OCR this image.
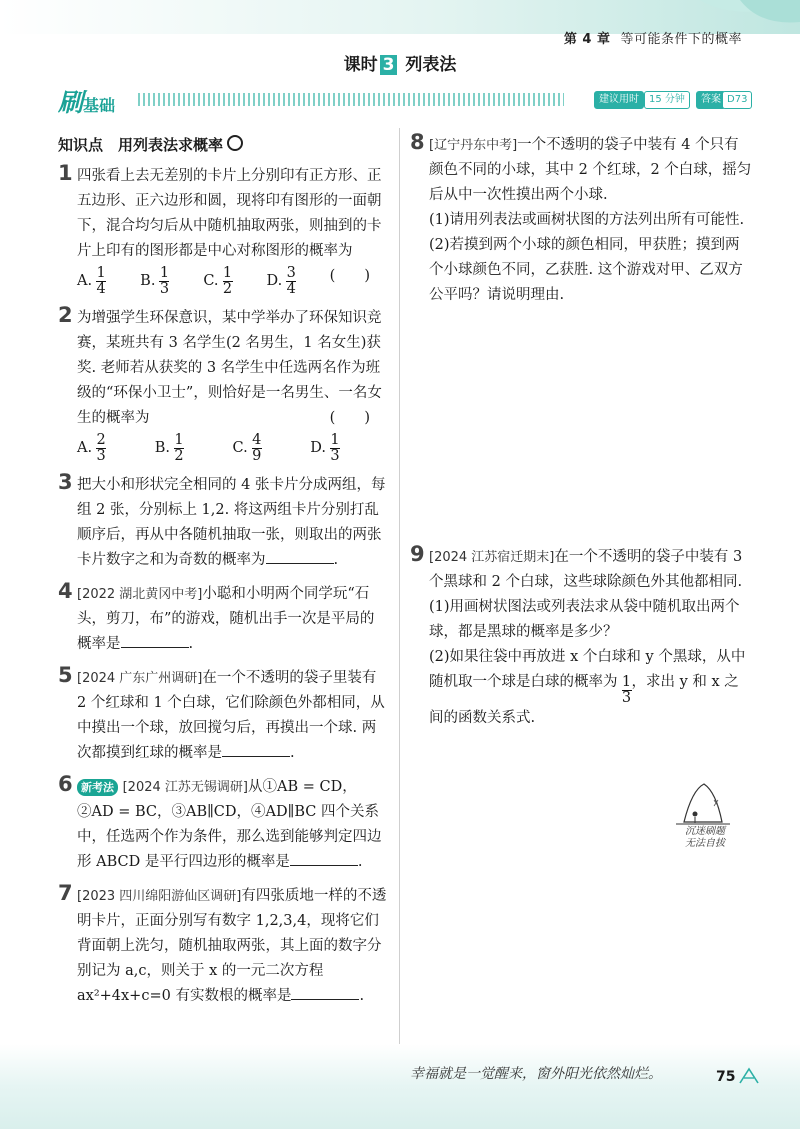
第 4 章 等可能条件下的概率
课时 3 列表法
刷基础	建议用时	15 分钟	答案 D73
知识点　用列表法求概率
1 四张看上去无差别的卡片上分别印有正方形、正五边形、正六边形和圆，现将印有图形的一面朝下，混合均匀后从中随机抽取两张，则抽到的卡片上印有的图形都是中心对称图形的概率为
(　　)
A. $\frac{1}{4} B$. $\frac{1}{3} C$. $\frac{1}{2} D$. $\frac{3}{4}$
2 为增强学生环保意识，某中学举办了环保知识竞赛，某班共有 3 名学生(2 名男生，1 名女生)获奖. 老师若从获奖的 3 名学生中任选两名作为班级的“环保小卫士”，则恰好是一名男生、一名女生的概率为	(　　)
A. $\frac{2}{3}$	B. $\frac{1}{2}$	C. $\frac{4}{9}$	D. $\frac{1}{3}$
3 把大小和形状完全相同的 4 张卡片分成两组，每组 2 张，分别标上 1,2. 将这两组卡片分别打乱顺序后，再从中各随机抽取一张，则取出的两张卡片数字之和为奇数的概率为	.
4 [2022 湖北黄冈中考]小聪和小明两个同学玩“石头，剪刀，布”的游戏，随机出手一次是平局的概率是	.
5 [2024 广东广州调研]在一个不透明的袋子里装有 2 个红球和 1 个白球，它们除颜色外都相同，从中摸出一个球，放回搅匀后，再摸出一个球. 两次都摸到红球的概率是	.
6 新考法 [2024 江苏无锡调研]从①AB = CD，②AD = BC，③AB∥CD，④AD∥BC 四个关系中，任选两个作为条件，那么选到能够判定四边形 ABCD 是平行四边形的概率是	.
7 [2023 四川绵阳游仙区调研]有四张质地一样的不透明卡片，正面分别写有数字 1,2,3,4，现将它们背面朝上洗匀，随机抽取两张，其上面的数字分别记为 a,c，则关于 x 的一元二次方程 ax²+4x+c=0 有实数根的概率是	.
8 [辽宁丹东中考]一个不透明的袋子中装有 4 个只有颜色不同的小球，其中 2 个红球，2 个白球，摇匀后从中一次性摸出两个小球.
(1)请用列表法或画树状图的方法列出所有可能性.
(2)若摸到两个小球的颜色相同，甲获胜；摸到两个小球颜色不同，乙获胜. 这个游戏对甲、乙双方公平吗？请说明理由.
9 [2024 江苏宿迁期末]在一个不透明的袋子中装有 3 个黑球和 2 个白球，这些球除颜色外其他都相同.
(1)用画树状图法或列表法求从袋中随机取出两个球，都是黑球的概率是多少？
(2)如果往袋中再放进 x 个白球和 y 个黑球，从中随机取一个球是白球的概率为 $\frac{1}{3}$ ，求出 y 和 x 之间的函数关系式.
沉迷刷题
无法自拔
幸福就是一觉醒来，窗外阳光依然灿烂。	75
